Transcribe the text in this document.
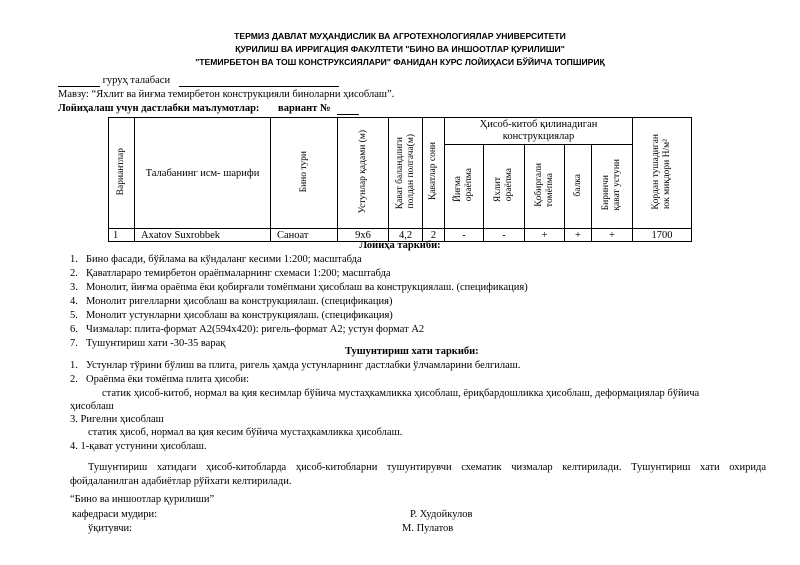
ТЕРМИЗ ДАВЛАТ МУҲАНДИСЛИК ВА АГРОТЕХНОЛОГИЯЛАР УНИВЕРСИТЕТИ
ҚУРИЛИШ ВА ИРРИГАЦИЯ ФАКУЛТЕТИ "БИНО ВА ИНШООТЛАР ҚУРИЛИШИ"
"ТЕМИРБЕТОН ВА ТОШ КОНСТРУКСИЯЛАРИ" ФАНИДАН КУРС ЛОЙИҲАСИ БЎЙИЧА ТОПШИРИҚ
гуруҳ талабаси
Мавзу: “Яхлит ва йиғма темирбетон конструкцияли биноларни ҳисоблаш”.
Лойиҳалаш учун дастлабки маълумотлар: вариант №
Вариантлар	Талабанинг исм- шарифи	Бино тури	Устунлар қадами (м)	Қават баландлигиполдан полгача(м)	Қаватлар сони	Ҳисоб-китоб қилинадиган конструкциялар					Қордан тушадиганюк миқдори Н/м²
						Йиғмаораёпма	Яхлитораёпма	Қобиргалитомёпма	балка	Биринчиқават устуни	
1	Axatov Suxrobbek	Саноат	9x6	4,2	2	-	-	+	+	+	1700
Лойиҳа таркиби:
1. Бино фасади, бўйлама ва кўндаланг кесими 1:200; масштабда
2. Қаватлараро темирбетон ораёпмаларнинг схемаси 1:200; масштабда
3. Монолит, йиғма ораёпма ёки қобирғали томёпмани ҳисоблаш ва конструкциялаш. (спецификация)
4. Монолит ригелларни ҳисоблаш ва конструкциялаш. (спецификация)
5. Монолит устунларни ҳисоблаш ва конструкциялаш. (спецификация)
6. Чизмалар: плита-формат А2(594х420): ригель-формат А2; устун формат А2
7. Тушунтириш хати -30-35 варақ
Тушунтириш хати таркиби:
1. Устунлар тўрини бўлиш ва плита, ригель ҳамда устунларнинг дастлабки ўлчамларини белгилаш.
2. Ораёпма ёки томёпма плита ҳисоби:
статик ҳисоб-китоб, нормал ва қия кесимлар бўйича мустаҳкамликка ҳисоблаш, ёриқбардошликка ҳисоблаш, деформациялар бўйича
ҳисоблаш
3. Ригелни ҳисоблаш
статик ҳисоб, нормал ва қия кесим бўйича мустаҳкамликка ҳисоблаш.
4. 1-қават устунини ҳисоблаш.
Тушунтириш хатидаги ҳисоб-китобларда ҳисоб-китобларни тушунтирувчи схематик чизмалар келтирилади. Тушунтириш хати охирида фойдаланилган адабиётлар рўйхати келтирилади.
“Бино ва иншоотлар қурилиши”
кафедраси мудири:	Р. Худойкулов
ўқитувчи:	М. Пулатов
